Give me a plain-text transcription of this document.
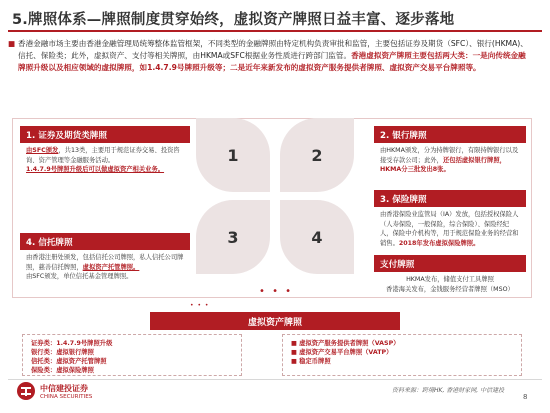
5.牌照体系—牌照制度贯穿始终，虚拟资产牌照日益丰富、逐步落地
■ 香港金融市场主要由香港金融管理局统筹整体监管框架，不同类型的金融牌照由特定机构负责审批和监管，主要包括证券及期货（SFC）、银行(HKMA)、信托、保险类；此外，虚拟资产、支付等相关牌照，由HKMA或SFC根据业务性质进行跨部门监管。香港虚拟资产牌照主要包括两大类：一是向传统金融牌照升级以及相应领域的虚拟牌照，如1.4.7.9号牌照升级等；二是近年来新发布的虚拟资产服务提供者牌照、虚拟资产交易平台牌照等。
1. 证券及期货类牌照
由SFC颁发，共13类，主要用于规范证券交易、投资咨询、资产管理等金融服务活动。
1.4.7.9号牌照升级后可以做虚拟资产相关业务。
2. 银行牌照
由HKMA颁发，分为持牌银行，有限持牌银行以及接受存款公司；此外，还包括虚拟银行牌照，HKMA分三批发出8张。
3. 保险牌照
由香港保险业监管局（IA）发放，包括授权保险人（人寿保险，一般保险，综合保险）、保险经纪人，保险中介机构等，用于规范保险业务的经营和销售。2018年发布虚拟保险牌照。
4. 信托牌照
由香港注册处颁发，包括信托公司牌照，私人信托公司牌照，慈善信托牌照，虚拟资产托管牌照。
由SFC颁发，单位信托基金管理牌照。
支付牌照
HKMA发布，储值支付工具牌照
香港海关发布，金钱服务经营者牌照（MSO）
1	2
3	4
• • •
• • •
虚拟资产牌照
证券类：1.4.7.9号牌照升级
银行类：虚拟银行牌照
信托类：虚拟资产托管牌照
保险类：虚拟保险牌照
■ 虚拟资产服务提供者牌照（VASP）
■ 虚拟资产交易平台牌照（VATP）
■ 稳定币牌照
中信建投证券
CHINA SECURITIES
资料来源：跨境HK, 香港财家网, 中信建投
8
